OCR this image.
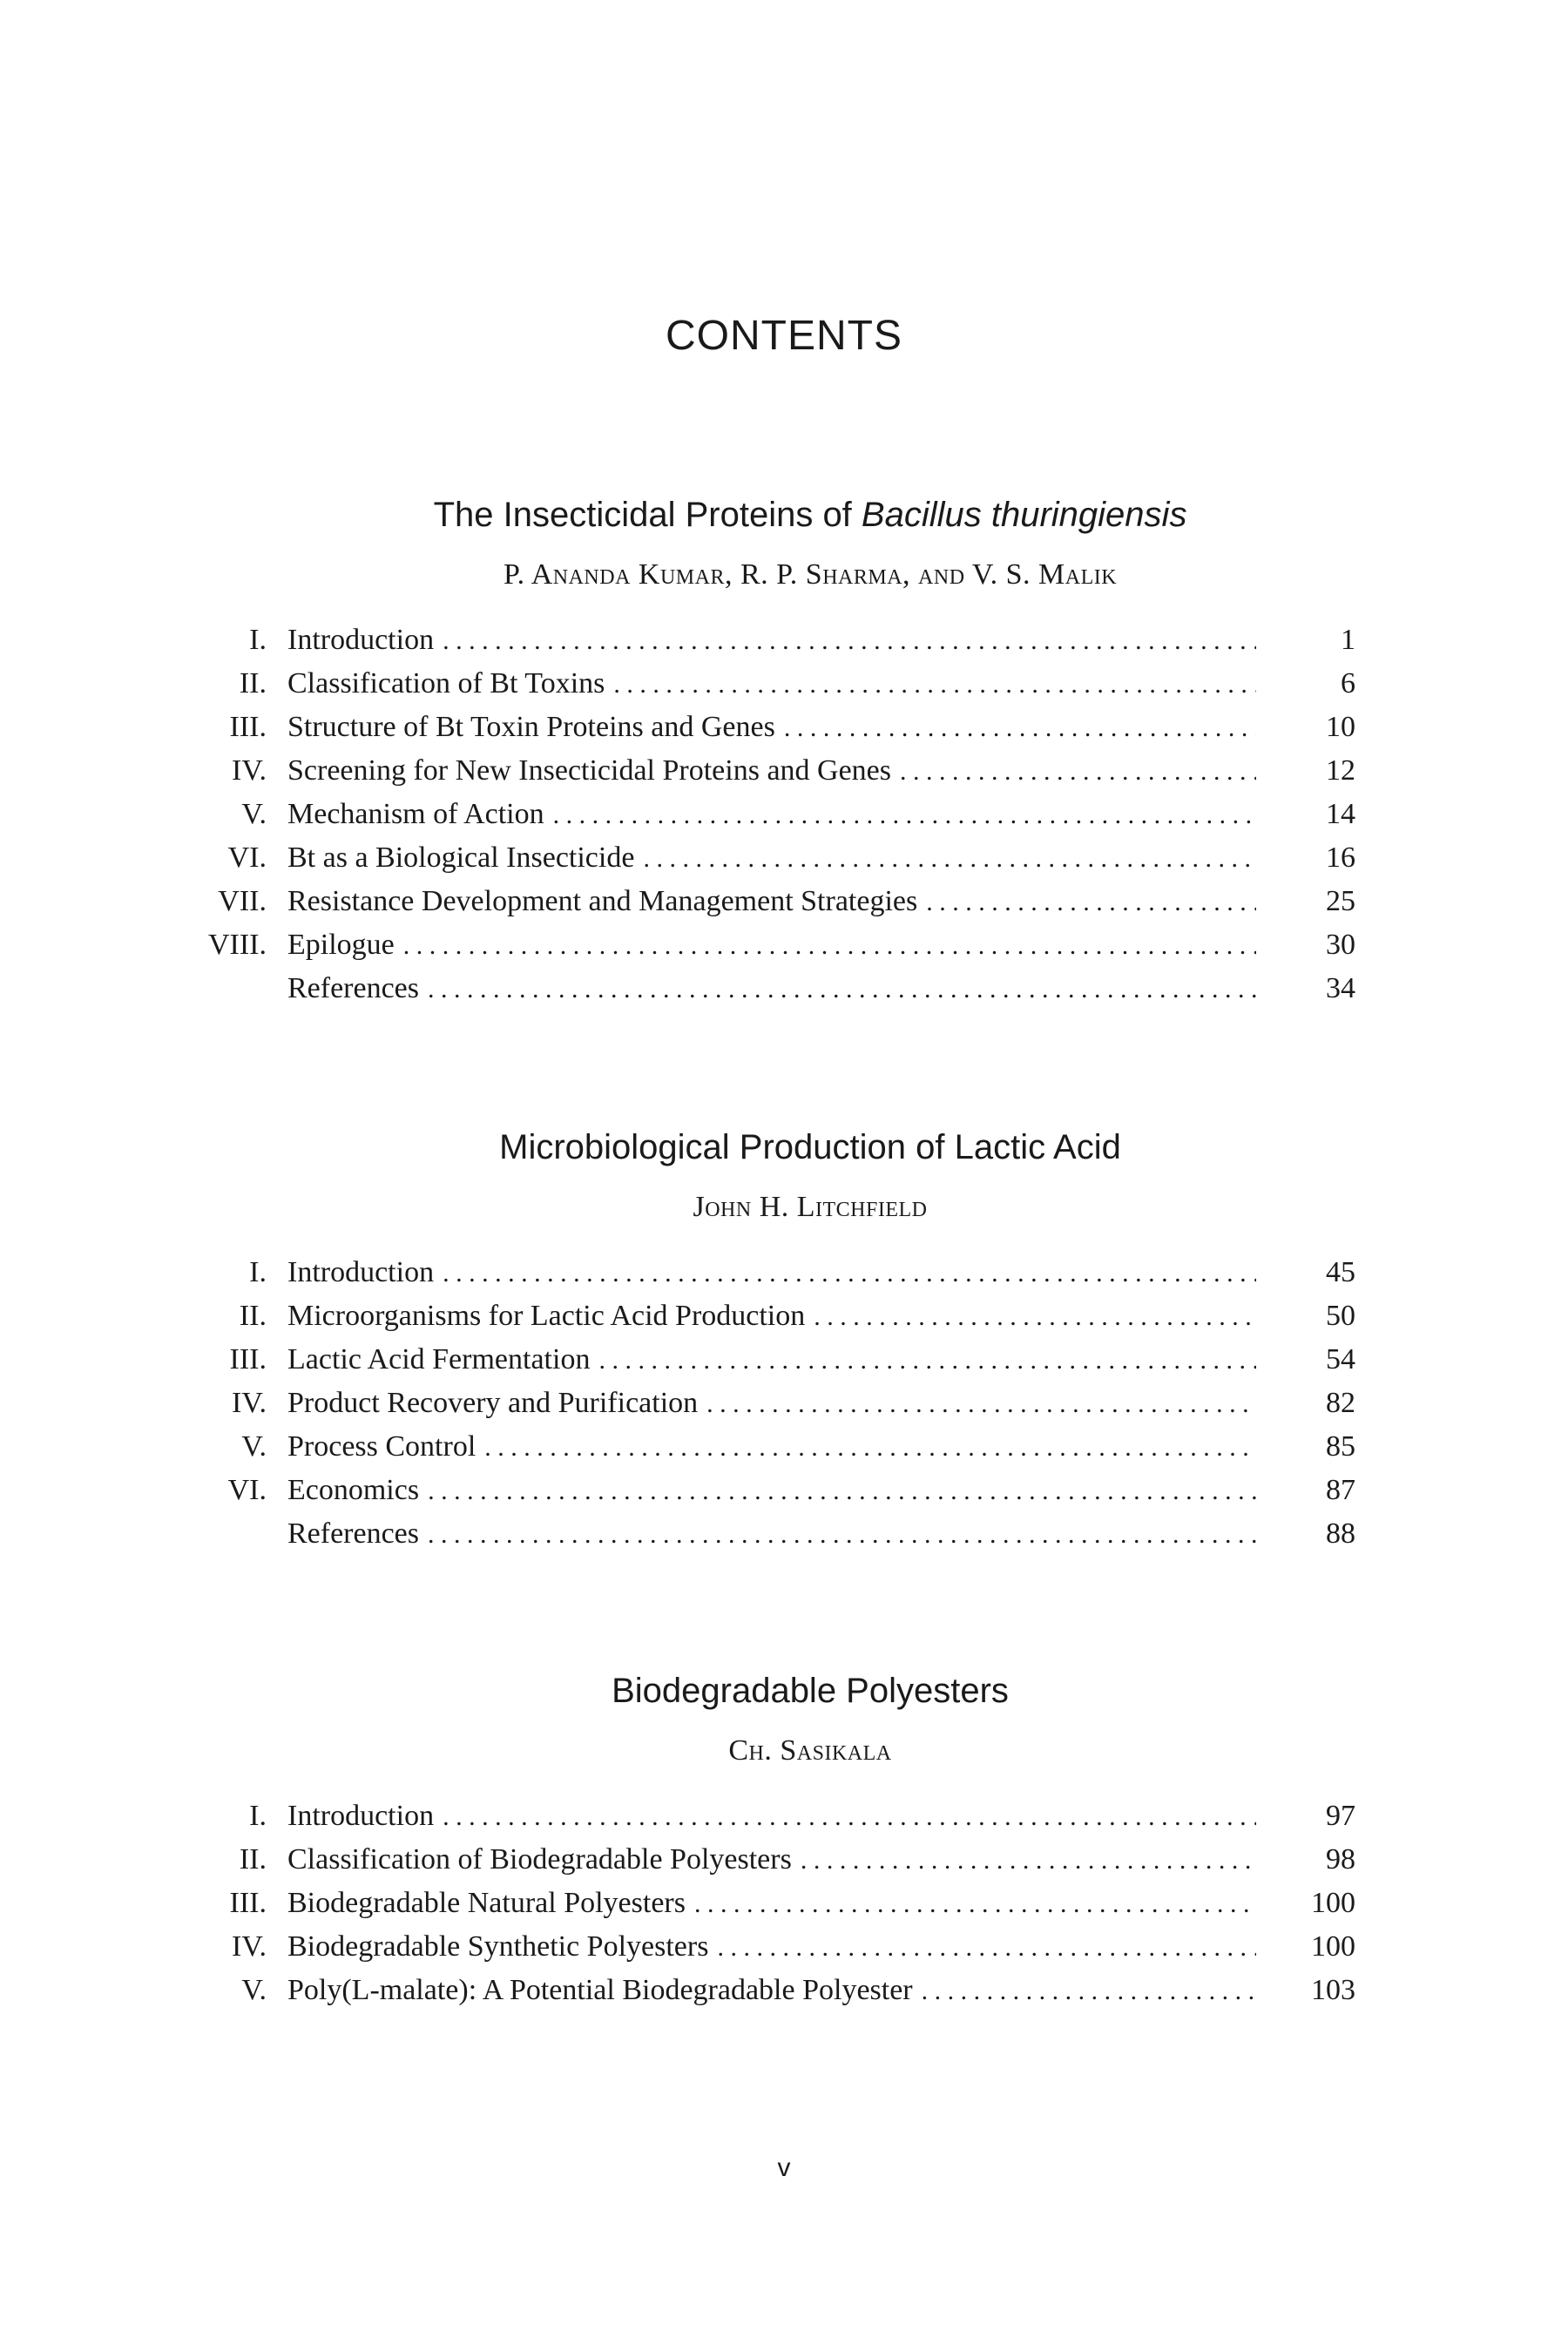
CONTENTS
The Insecticidal Proteins of Bacillus thuringiensis

P. Ananda Kumar, R. P. Sharma, and V. S. Malik

I. Introduction . . .	1
II. Classification of Bt Toxins . . .	6
III. Structure of Bt Toxin Proteins and Genes . . .	10
IV. Screening for New Insecticidal Proteins and Genes . . .	12
V. Mechanism of Action . . .	14
VI. Bt as a Biological Insecticide . . .	16
VII. Resistance Development and Management Strategies . . .	25
VIII. Epilogue . . .	30
References . . .	34
Microbiological Production of Lactic Acid

John H. Litchfield

I. Introduction . . .	45
II. Microorganisms for Lactic Acid Production . . .	50
III. Lactic Acid Fermentation . . .	54
IV. Product Recovery and Purification . . .	82
V. Process Control . . .	85
VI. Economics . . .	87
References . . .	88
Biodegradable Polyesters

Ch. Sasikala

I. Introduction . . .	97
II. Classification of Biodegradable Polyesters . . .	98
III. Biodegradable Natural Polyesters . . .	100
IV. Biodegradable Synthetic Polyesters . . .	100
V. Poly(L-malate): A Potential Biodegradable Polyester . . .	103

v
